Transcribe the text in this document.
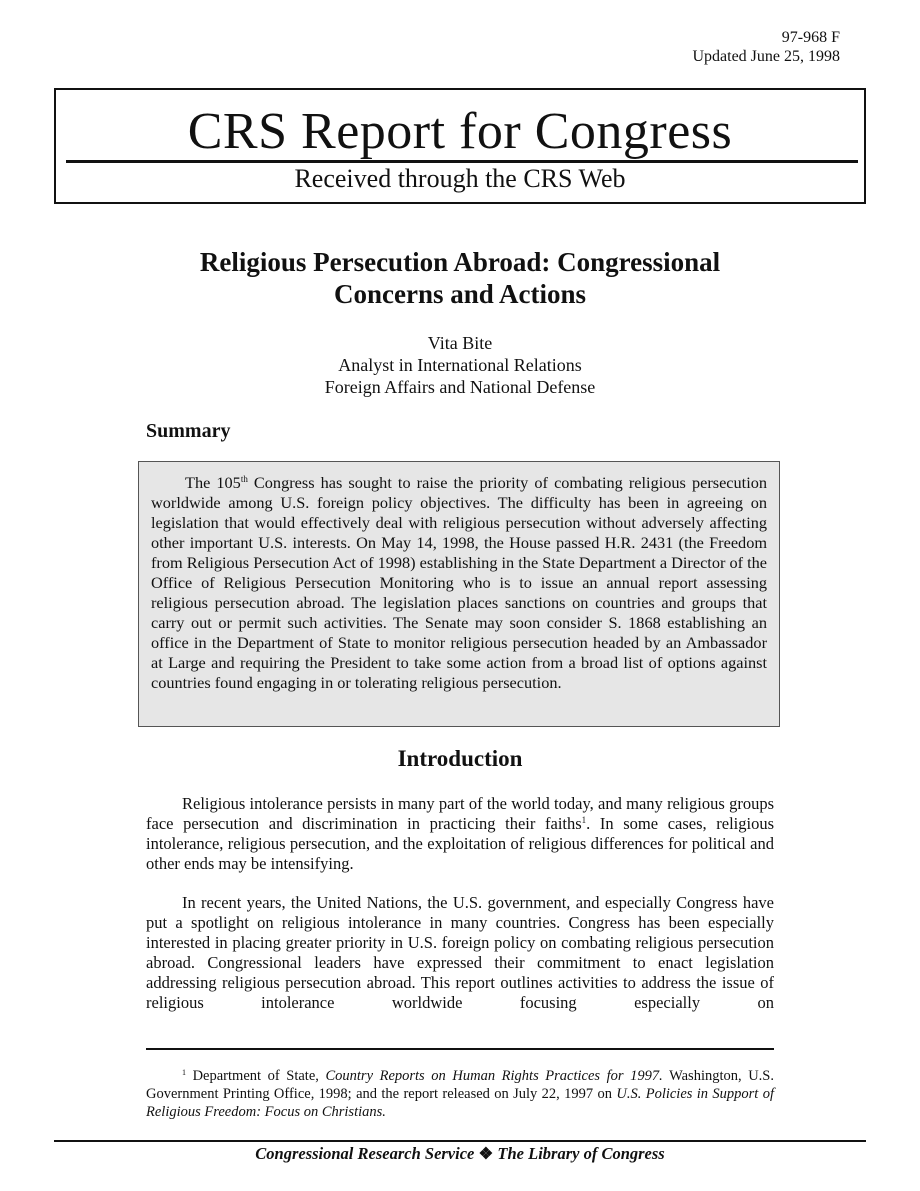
97-968 F
Updated June 25, 1998
CRS Report for Congress
Received through the CRS Web
Religious Persecution Abroad: Congressional
Concerns and Actions
Vita Bite
Analyst in International Relations
Foreign Affairs and National Defense
Summary

The 105th Congress has sought to raise the priority of combating religious persecution worldwide among U.S. foreign policy objectives. The difficulty has been in agreeing on legislation that would effectively deal with religious persecution without adversely affecting other important U.S. interests. On May 14, 1998, the House passed H.R. 2431 (the Freedom from Religious Persecution Act of 1998) establishing in the State Department a Director of the Office of Religious Persecution Monitoring who is to issue an annual report assessing religious persecution abroad. The legislation places sanctions on countries and groups that carry out or permit such activities. The Senate may soon consider S. 1868 establishing an office in the Department of State to monitor religious persecution headed by an Ambassador at Large and requiring the President to take some action from a broad list of options against countries found engaging in or tolerating religious persecution.

Introduction

Religious intolerance persists in many part of the world today, and many religious groups face persecution and discrimination in practicing their faiths$^1$. In some cases, religious intolerance, religious persecution, and the exploitation of religious differences for political and other ends may be intensifying.

In recent years, the United Nations, the U.S. government, and especially Congress have put a spotlight on religious intolerance in many countries. Congress has been especially interested in placing greater priority in U.S. foreign policy on combating religious persecution abroad. Congressional leaders have expressed their commitment to enact legislation addressing religious persecution abroad. This report outlines activities to address the issue of religious intolerance worldwide focusing especially on

$^1$ Department of State, Country Reports on Human Rights Practices for 1997. Washington, U.S. Government Printing Office, 1998; and the report released on July 22, 1997 on U.S. Policies in Support of Religious Freedom: Focus on Christians.

Congressional Research Service ❖ The Library of Congress
